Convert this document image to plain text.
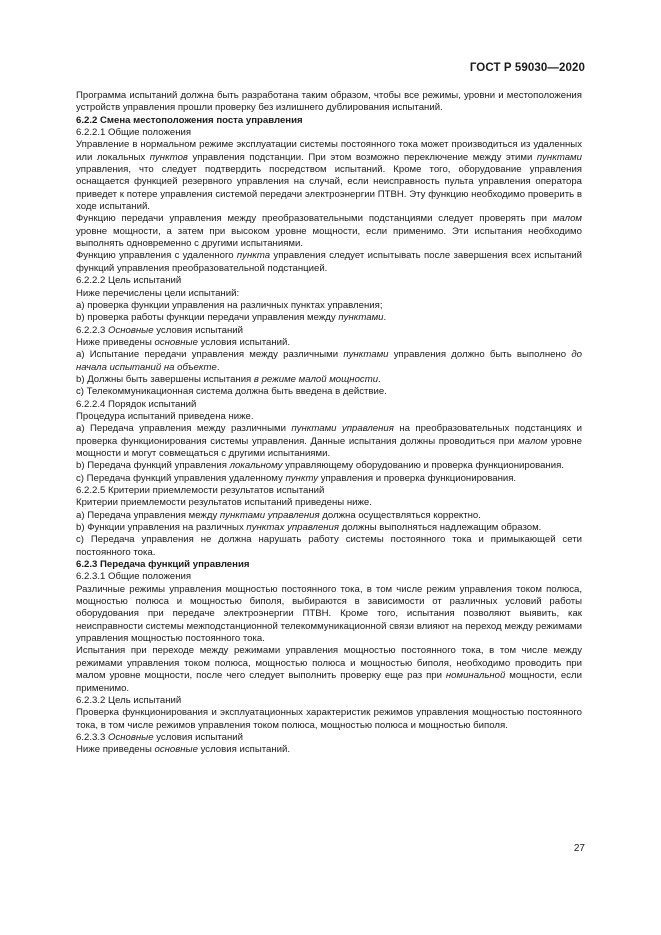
ГОСТ Р 59030—2020

Программа испытаний должна быть разработана таким образом, чтобы все режимы, уровни и местоположения устройств управления прошли проверку без излишнего дублирования испытаний.

6.2.2 Смена местоположения поста управления

6.2.2.1 Общие положения

Управление в нормальном режиме эксплуатации системы постоянного тока может производиться из удаленных или локальных пунктов управления подстанции. При этом возможно переключение между этими пунктами управления, что следует подтвердить посредством испытаний. Кроме того, оборудование управления оснащается функцией резервного управления на случай, если неисправность пульта управления оператора приведет к потере управления системой передачи электроэнергии ПТВН. Эту функцию необходимо проверить в ходе испытаний.

Функцию передачи управления между преобразовательными подстанциями следует проверять при малом уровне мощности, а затем при высоком уровне мощности, если применимо. Эти испытания необходимо выполнять одновременно с другими испытаниями.

Функцию управления с удаленного пункта управления следует испытывать после завершения всех испытаний функций управления преобразовательной подстанцией.

6.2.2.2 Цель испытаний

Ниже перечислены цели испытаний:

а) проверка функции управления на различных пунктах управления;

b) проверка работы функции передачи управления между пунктами.

6.2.2.3 Основные условия испытаний

Ниже приведены основные условия испытаний.

а) Испытание передачи управления между различными пунктами управления должно быть выполнено до начала испытаний на объекте.

b) Должны быть завершены испытания в режиме малой мощности.

с) Телекоммуникационная система должна быть введена в действие.

6.2.2.4 Порядок испытаний

Процедура испытаний приведена ниже.

а) Передача управления между различными пунктами управления на преобразовательных подстанциях и проверка функционирования системы управления. Данные испытания должны проводиться при малом уровне мощности и могут совмещаться с другими испытаниями.

b) Передача функций управления локальному управляющему оборудованию и проверка функционирования.

с) Передача функций управления удаленному пункту управления и проверка функционирования.

6.2.2.5 Критерии приемлемости результатов испытаний

Критерии приемлемости результатов испытаний приведены ниже.

а) Передача управления между пунктами управления должна осуществляться корректно.

b) Функции управления на различных пунктах управления должны выполняться надлежащим образом.

с) Передача управления не должна нарушать работу системы постоянного тока и примыкающей сети постоянного тока.

6.2.3 Передача функций управления

6.2.3.1 Общие положения

Различные режимы управления мощностью постоянного тока, в том числе режим управления током полюса, мощностью полюса и мощностью биполя, выбираются в зависимости от различных условий работы оборудования при передаче электроэнергии ПТВН. Кроме того, испытания позволяют выявить, как неисправности системы межподстанционной телекоммуникационной связи влияют на переход между режимами управления мощностью постоянного тока.

Испытания при переходе между режимами управления мощностью постоянного тока, в том числе между режимами управления током полюса, мощностью полюса и мощностью биполя, необходимо проводить при малом уровне мощности, после чего следует выполнить проверку еще раз при номинальной мощности, если применимо.

6.2.3.2 Цель испытаний

Проверка функционирования и эксплуатационных характеристик режимов управления мощностью постоянного тока, в том числе режимов управления током полюса, мощностью полюса и мощностью биполя.

6.2.3.3 Основные условия испытаний

Ниже приведены основные условия испытаний.

27
